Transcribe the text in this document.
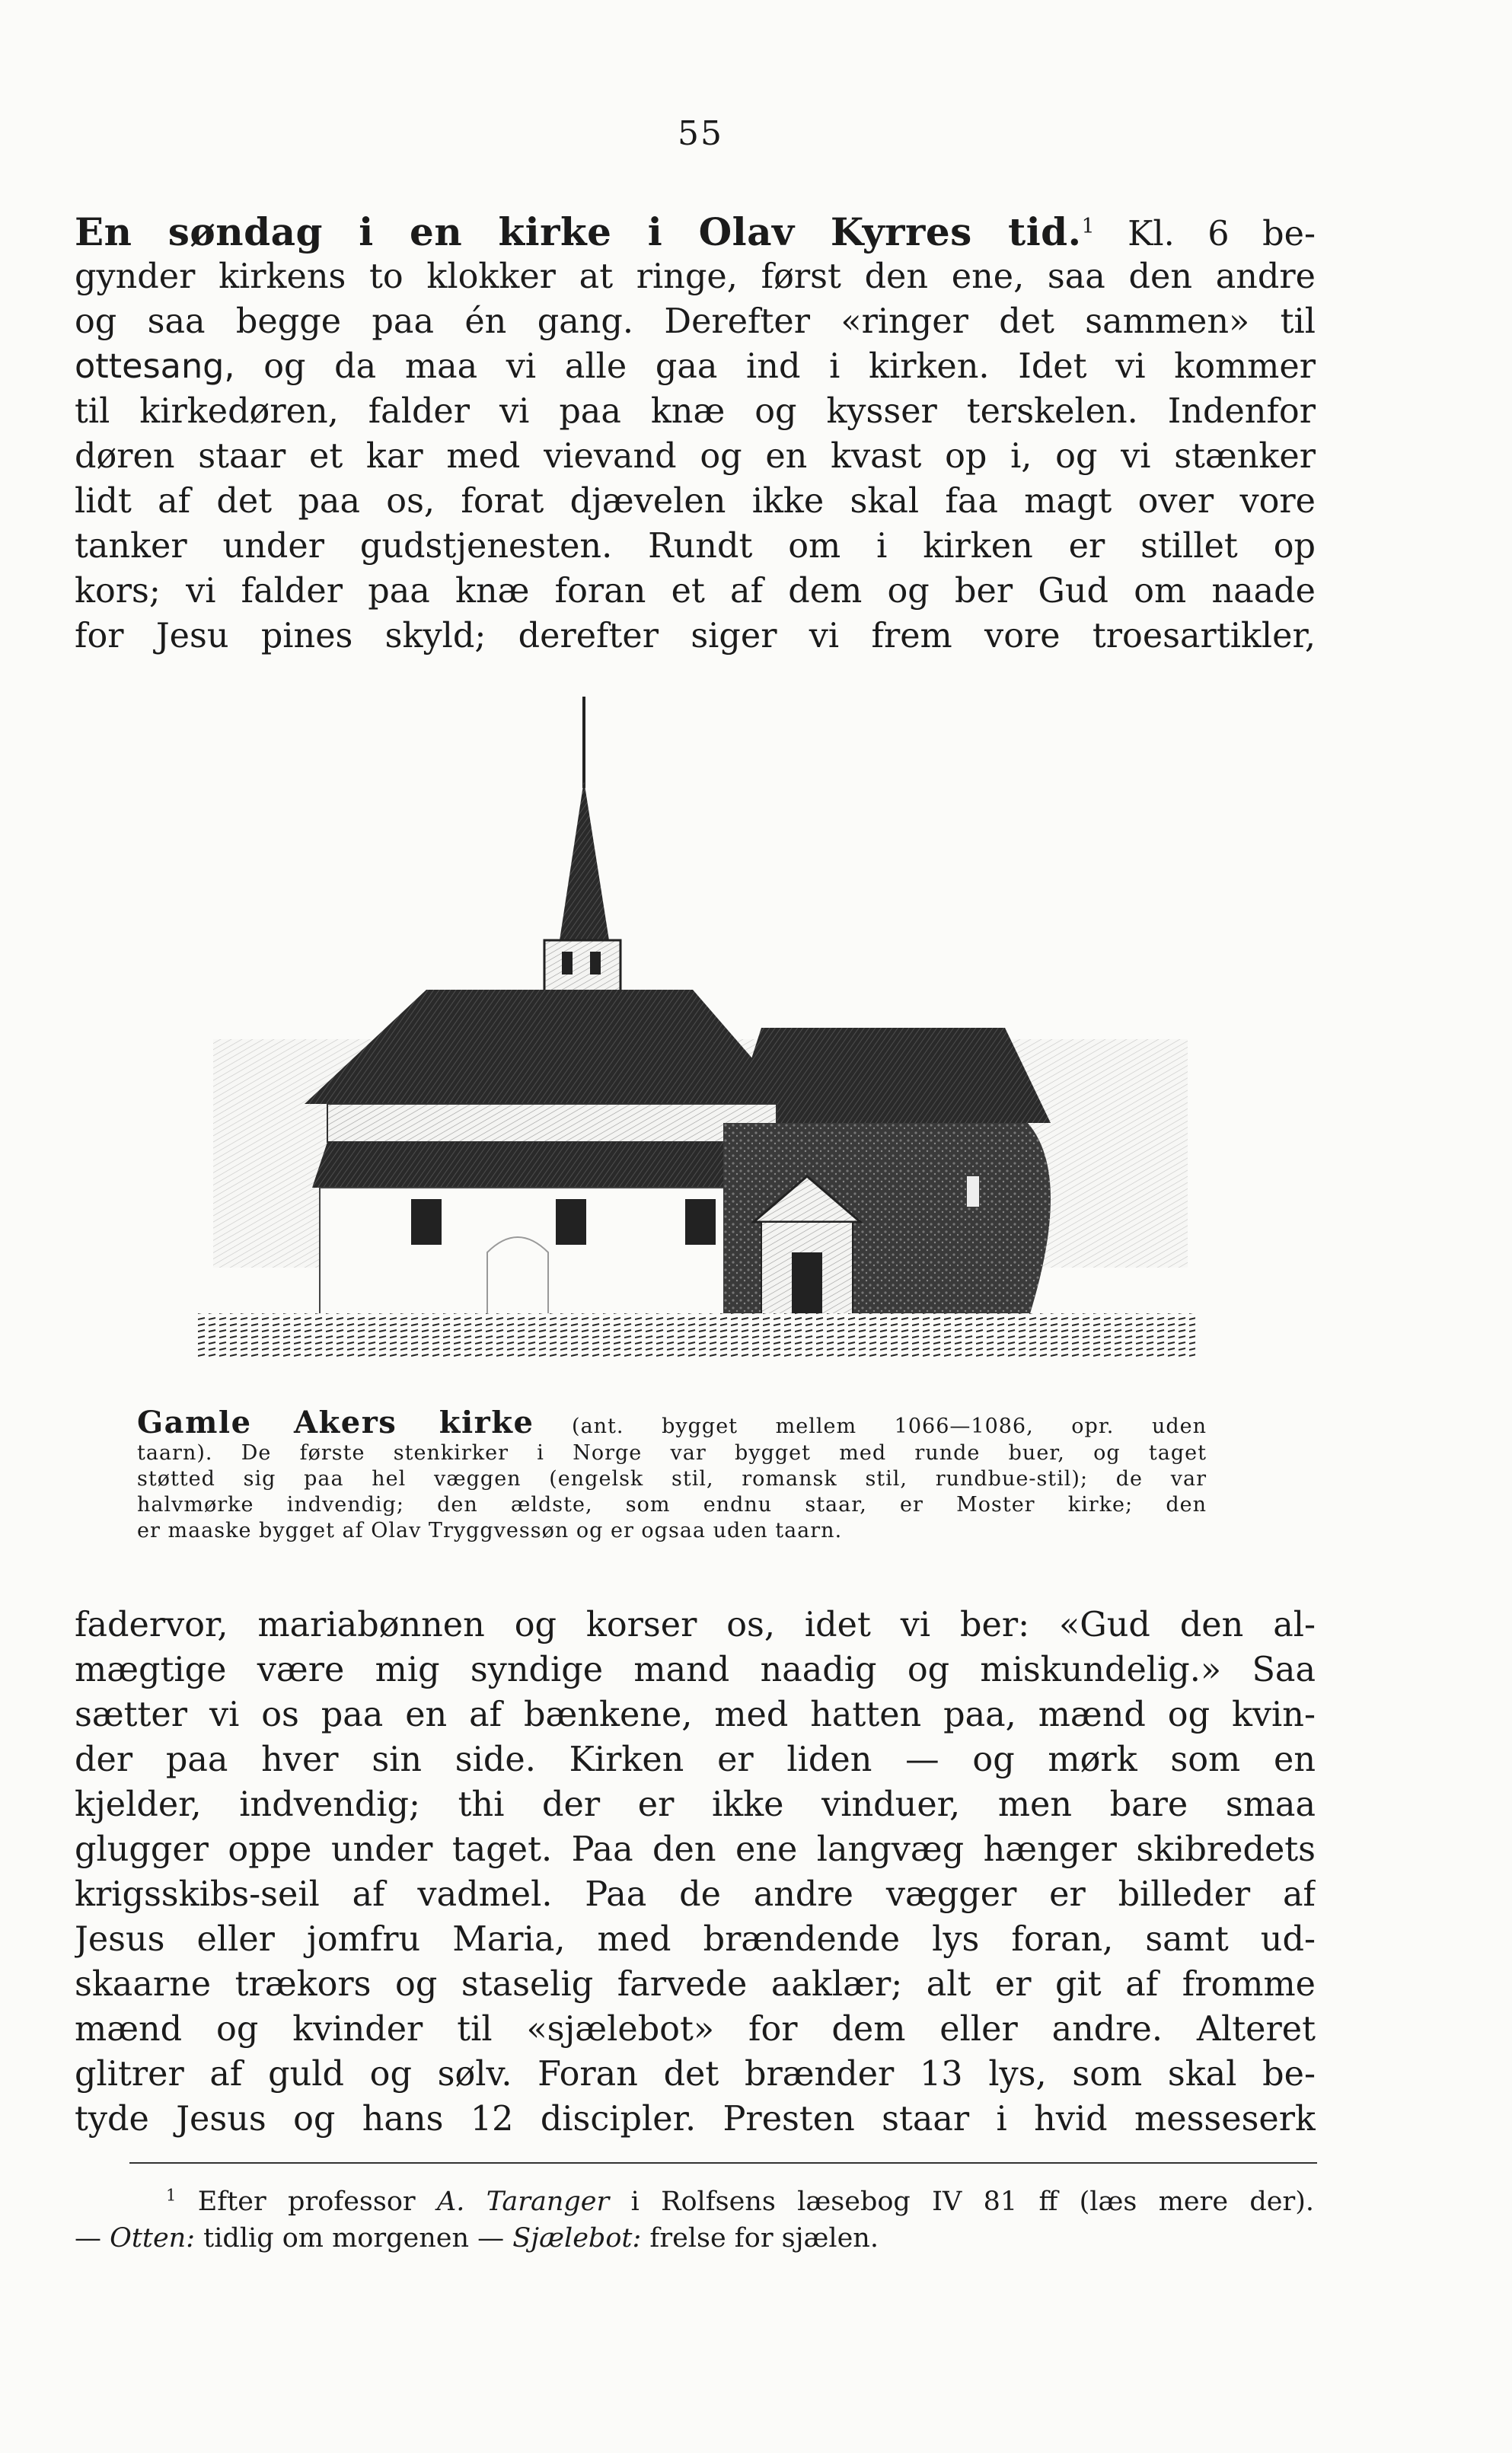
55
En søndag i en kirke i Olav Kyrres tid.$^1$ Kl. 6 be-
gynder kirkens to klokker at ringe, først den ene, saa den andre
og saa begge paa én gang. Derefter «ringer det sammen» til
ottesang, og da maa vi alle gaa ind i kirken. Idet vi kommer
til kirkedøren, falder vi paa knæ og kysser terskelen. Indenfor
døren staar et kar med vievand og en kvast op i, og vi stænker
lidt af det paa os, forat djævelen ikke skal faa magt over vore
tanker under gudstjenesten. Rundt om i kirken er stillet op
kors; vi falder paa knæ foran et af dem og ber Gud om naade
for Jesu pines skyld; derefter siger vi frem vore troesartikler,
Gamle Akers kirke (ant. bygget mellem 1066—1086, opr. uden
taarn). De første stenkirker i Norge var bygget med runde buer, og taget
støtted sig paa hel væggen (engelsk stil, romansk stil, rundbue-stil); de var
halvmørke indvendig; den ældste, som endnu staar, er Moster kirke; den
er maaske bygget af Olav Tryggvessøn og er ogsaa uden taarn.
fadervor, mariabønnen og korser os, idet vi ber: «Gud den al-
mægtige være mig syndige mand naadig og miskundelig.» Saa
sætter vi os paa en af bænkene, med hatten paa, mænd og kvin-
der paa hver sin side. Kirken er liden — og mørk som en
kjelder, indvendig; thi der er ikke vinduer, men bare smaa
glugger oppe under taget. Paa den ene langvæg hænger skibredets
krigsskibs-seil af vadmel. Paa de andre vægger er billeder af
Jesus eller jomfru Maria, med brændende lys foran, samt ud-
skaarne trækors og staselig farvede aaklær; alt er git af fromme
mænd og kvinder til «sjælebot» for dem eller andre. Alteret
glitrer af guld og sølv. Foran det brænder 13 lys, som skal be-
tyde Jesus og hans 12 discipler. Presten staar i hvid messeserk
$^1$ Efter professor A. Taranger i Rolfsens læsebog IV 81 ff (læs mere der).
— Otten: tidlig om morgenen — Sjælebot: frelse for sjælen.
